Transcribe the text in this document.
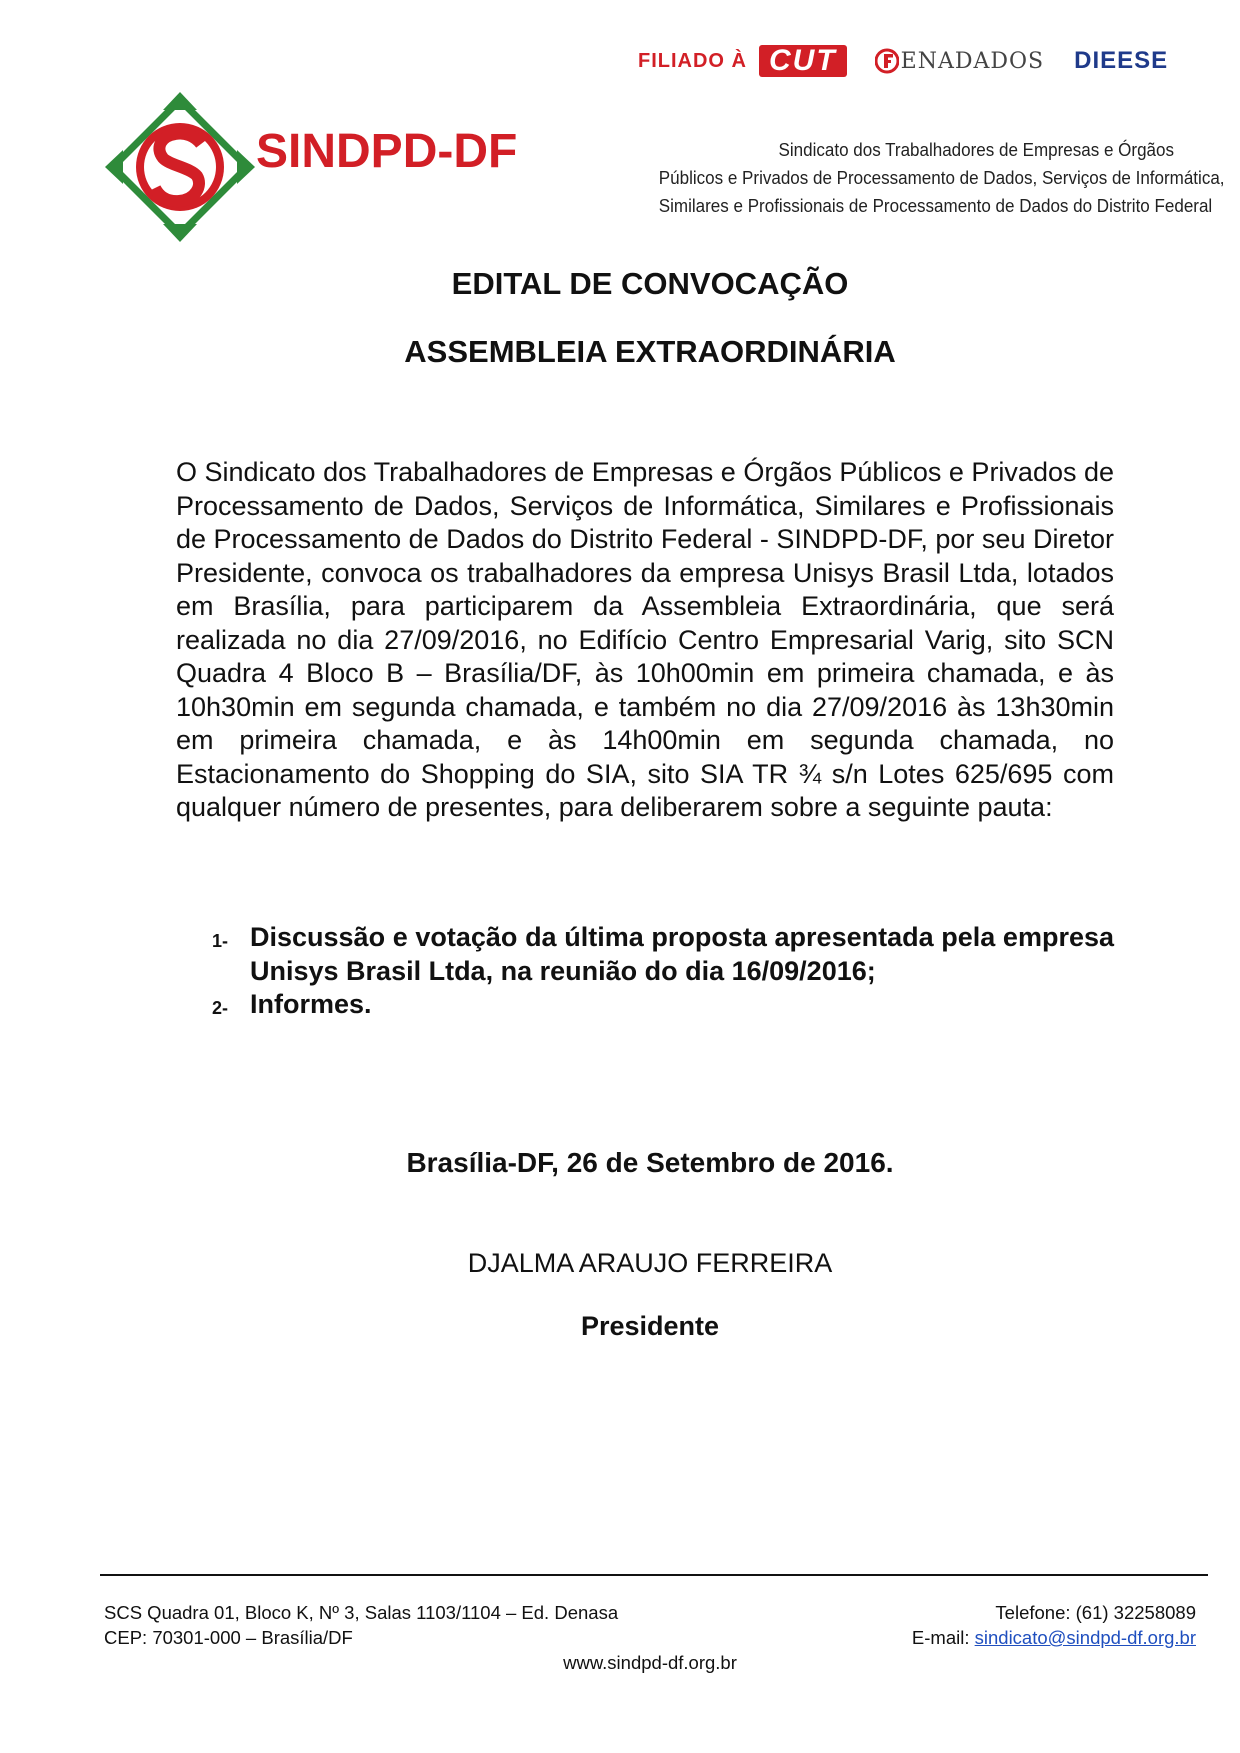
FILIADO À CUT	ENADADOS DIEESE
SINDPD-DF	Sindicato dos Trabalhadores de Empresas e Órgãos
Públicos e Privados de Processamento de Dados, Serviços de Informática,
Similares e Profissionais de Processamento de Dados do Distrito Federal
EDITAL DE CONVOCAÇÃO
ASSEMBLEIA EXTRAORDINÁRIA
O Sindicato dos Trabalhadores de Empresas e Órgãos Públicos e Privados de Processamento de Dados, Serviços de Informática, Similares e Profissionais de Processamento de Dados do Distrito Federal - SINDPD-DF, por seu Diretor Presidente, convoca os trabalhadores da empresa Unisys Brasil Ltda, lotados em Brasília, para participarem da Assembleia Extraordinária, que será realizada no dia 27/09/2016, no Edifício Centro Empresarial Varig, sito SCN Quadra 4 Bloco B – Brasília/DF, às 10h00min em primeira chamada, e às 10h30min em segunda chamada, e também no dia 27/09/2016 às 13h30min em primeira chamada, e às 14h00min em segunda chamada, no Estacionamento do Shopping do SIA, sito SIA TR ¾ s/n Lotes 625/695 com qualquer número de presentes, para deliberarem sobre a seguinte pauta:
1- Discussão e votação da última proposta apresentada pela empresa Unisys Brasil Ltda, na reunião do dia 16/09/2016;
2- Informes.
Brasília-DF, 26 de Setembro de 2016.
DJALMA ARAUJO FERREIRA
Presidente
SCS Quadra 01, Bloco K, Nº 3, Salas 1103/1104 – Ed. Denasa
CEP: 70301-000 – Brasília/DF
Telefone: (61) 32258089
E-mail: sindicato@sindpd-df.org.br
www.sindpd-df.org.br
